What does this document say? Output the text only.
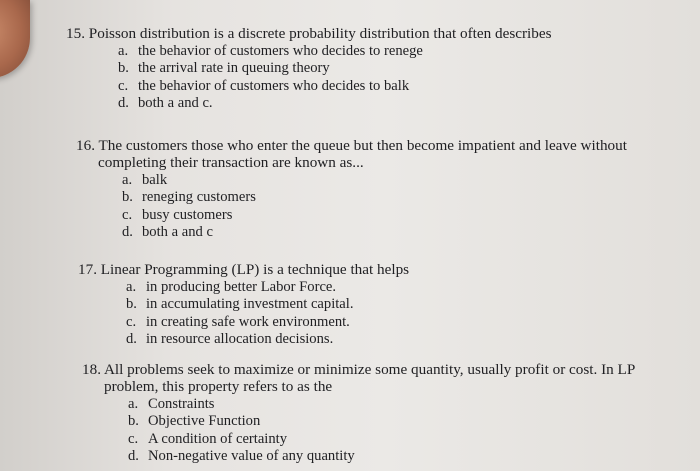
15. Poisson distribution is a discrete probability distribution that often describes
a. the behavior of customers who decides to renege
b. the arrival rate in queuing theory
c. the behavior of customers who decides to balk
d. both a and c.
16. The customers those who enter the queue but then become impatient and leave without
completing their transaction are known as...
a. balk
b. reneging customers
c. busy customers
d. both a and c
17. Linear Programming (LP) is a technique that helps
a. in producing better Labor Force.
b. in accumulating investment capital.
c. in creating safe work environment.
d. in resource allocation decisions.
18. All problems seek to maximize or minimize some quantity, usually profit or cost. In LP
problem, this property refers to as the
a. Constraints
b. Objective Function
c. A condition of certainty
d. Non-negative value of any quantity
